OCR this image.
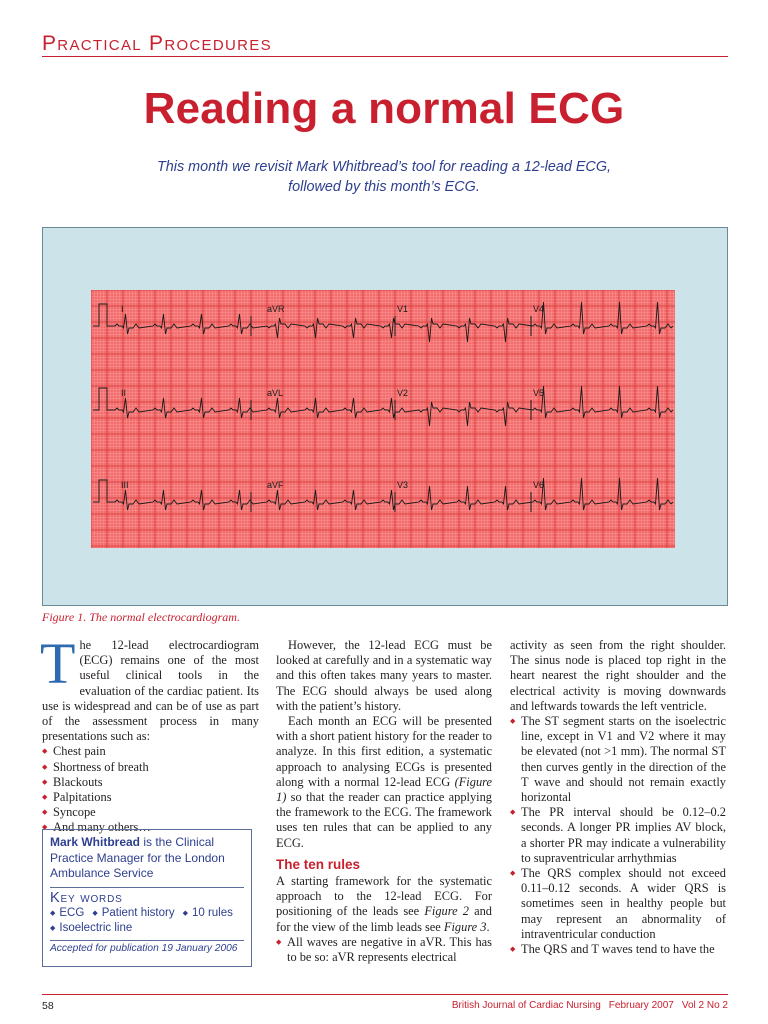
Practical Procedures
Reading a normal ECG
This month we revisit Mark Whitbread’s tool for reading a 12-lead ECG,
followed by this month’s ECG.
I	aVR	V1	V4
II	aVL	V2	V5
III	aVF	V3	V6
Figure 1. The normal electrocardiogram.

The 12-lead electrocardiogram (ECG) remains one of the most useful clinical tools in the evaluation of the cardiac patient. Its use is widespread and can be of use as part of the assessment process in many presentations such as:

◆ Chest pain
◆ Shortness of breath
◆ Blackouts
◆ Palpitations
◆ Syncope
◆ And many others…
Mark Whitbread is the Clinical Practice Manager for the London Ambulance Service
Key words
◆ ECG ◆ Patient history ◆ 10 rules
◆ Isoelectric line
Accepted for publication 19 January 2006

However, the 12-lead ECG must be looked at carefully and in a systematic way and this often takes many years to master. The ECG should always be used along with the patient’s history.

Each month an ECG will be presented with a short patient history for the reader to analyze. In this first edition, a systematic approach to analysing ECGs is presented along with a normal 12-lead ECG (Figure 1) so that the reader can practice applying the framework to the ECG. The framework uses ten rules that can be applied to any ECG.

The ten rules

A starting framework for the systematic approach to the 12-lead ECG. For positioning of the leads see Figure 2 and for the view of the limb leads see Figure 3.

◆ All waves are negative in aVR. This has to be so: aVR represents electrical

activity as seen from the right shoulder. The sinus node is placed top right in the heart nearest the right shoulder and the electrical activity is moving downwards and leftwards towards the left ventricle.

◆ The ST segment starts on the isoelectric line, except in V1 and V2 where it may be elevated (not >1 mm). The normal ST then curves gently in the direction of the T wave and should not remain exactly horizontal
◆ The PR interval should be 0.12–0.2 seconds. A longer PR implies AV block, a shorter PR may indicate a vulnerability to supraventricular arrhythmias
◆ The QRS complex should not exceed 0.11–0.12 seconds. A wider QRS is sometimes seen in healthy people but may represent an abnormality of intraventricular conduction
◆ The QRS and T waves tend to have the
58	British Journal of Cardiac Nursing February 2007 Vol 2 No 2
